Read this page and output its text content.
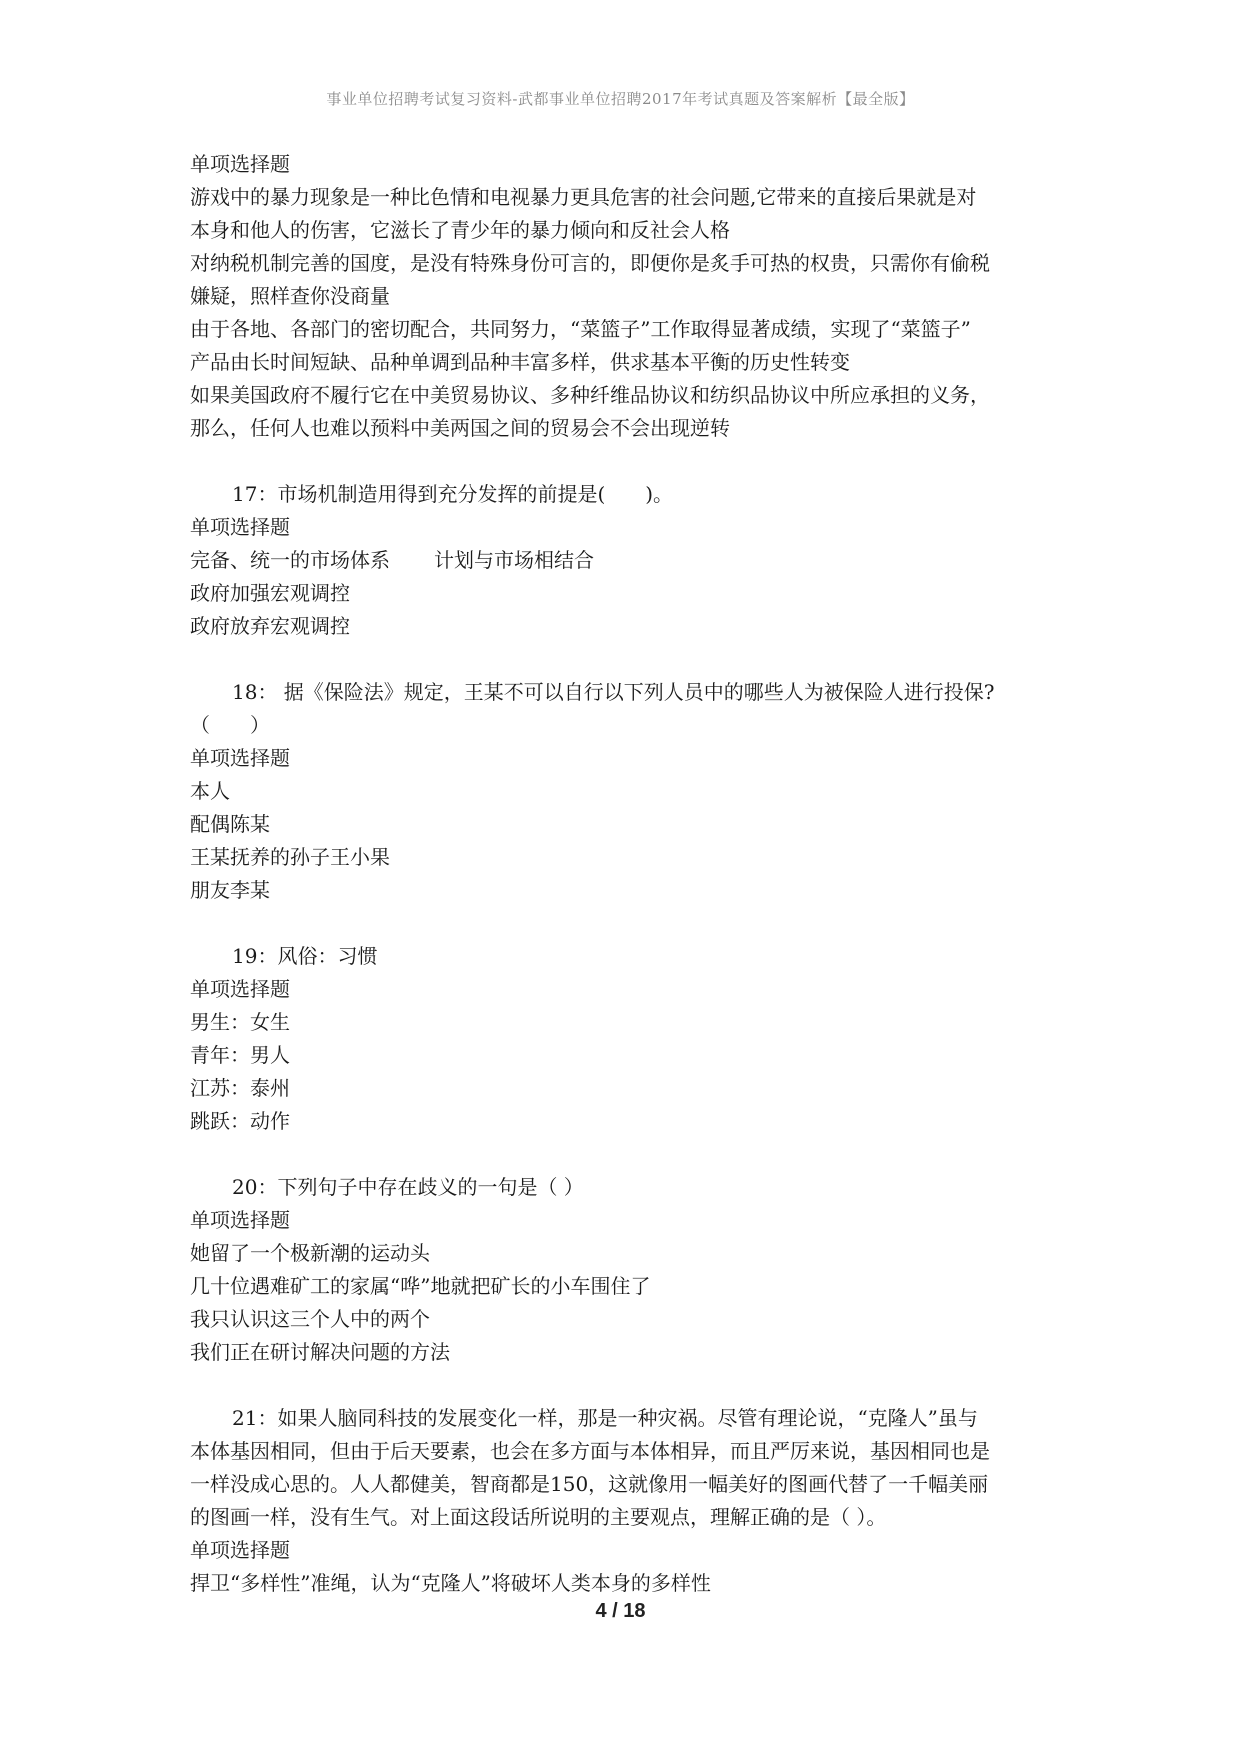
事业单位招聘考试复习资料-武都事业单位招聘2017年考试真题及答案解析【最全版】
单项选择题
游戏中的暴力现象是一种比色情和电视暴力更具危害的社会问题,它带来的直接后果就是对
本身和他人的伤害，它滋长了青少年的暴力倾向和反社会人格
对纳税机制完善的国度，是没有特殊身份可言的，即便你是炙手可热的权贵，只需你有偷税
嫌疑，照样查你没商量
由于各地、各部门的密切配合，共同努力，“菜篮子”工作取得显著成绩，实现了“菜篮子”
产品由长时间短缺、品种单调到品种丰富多样，供求基本平衡的历史性转变
如果美国政府不履行它在中美贸易协议、多种纤维品协议和纺织品协议中所应承担的义务，
那么，任何人也难以预料中美两国之间的贸易会不会出现逆转
17：市场机制造用得到充分发挥的前提是(　　)。
单项选择题
完备、统一的市场体系 计划与市场相结合
政府加强宏观调控
政府放弃宏观调控
18： 据《保险法》规定，王某不可以自行以下列人员中的哪些人为被保险人进行投保?
（　　）
单项选择题
本人
配偶陈某
王某抚养的孙子王小果
朋友李某
19：风俗：习惯
单项选择题
男生：女生
青年：男人
江苏：泰州
跳跃：动作
20：下列句子中存在歧义的一句是（ ）
单项选择题
她留了一个极新潮的运动头
几十位遇难矿工的家属“哗”地就把矿长的小车围住了
我只认识这三个人中的两个
我们正在研讨解决问题的方法
21：如果人脑同科技的发展变化一样，那是一种灾祸。尽管有理论说，“克隆人”虽与
本体基因相同，但由于后天要素，也会在多方面与本体相异，而且严厉来说，基因相同也是
一样没成心思的。人人都健美，智商都是150，这就像用一幅美好的图画代替了一千幅美丽
的图画一样，没有生气。对上面这段话所说明的主要观点，理解正确的是（ ）。
单项选择题
捍卫“多样性”准绳，认为“克隆人”将破坏人类本身的多样性
4 / 18
